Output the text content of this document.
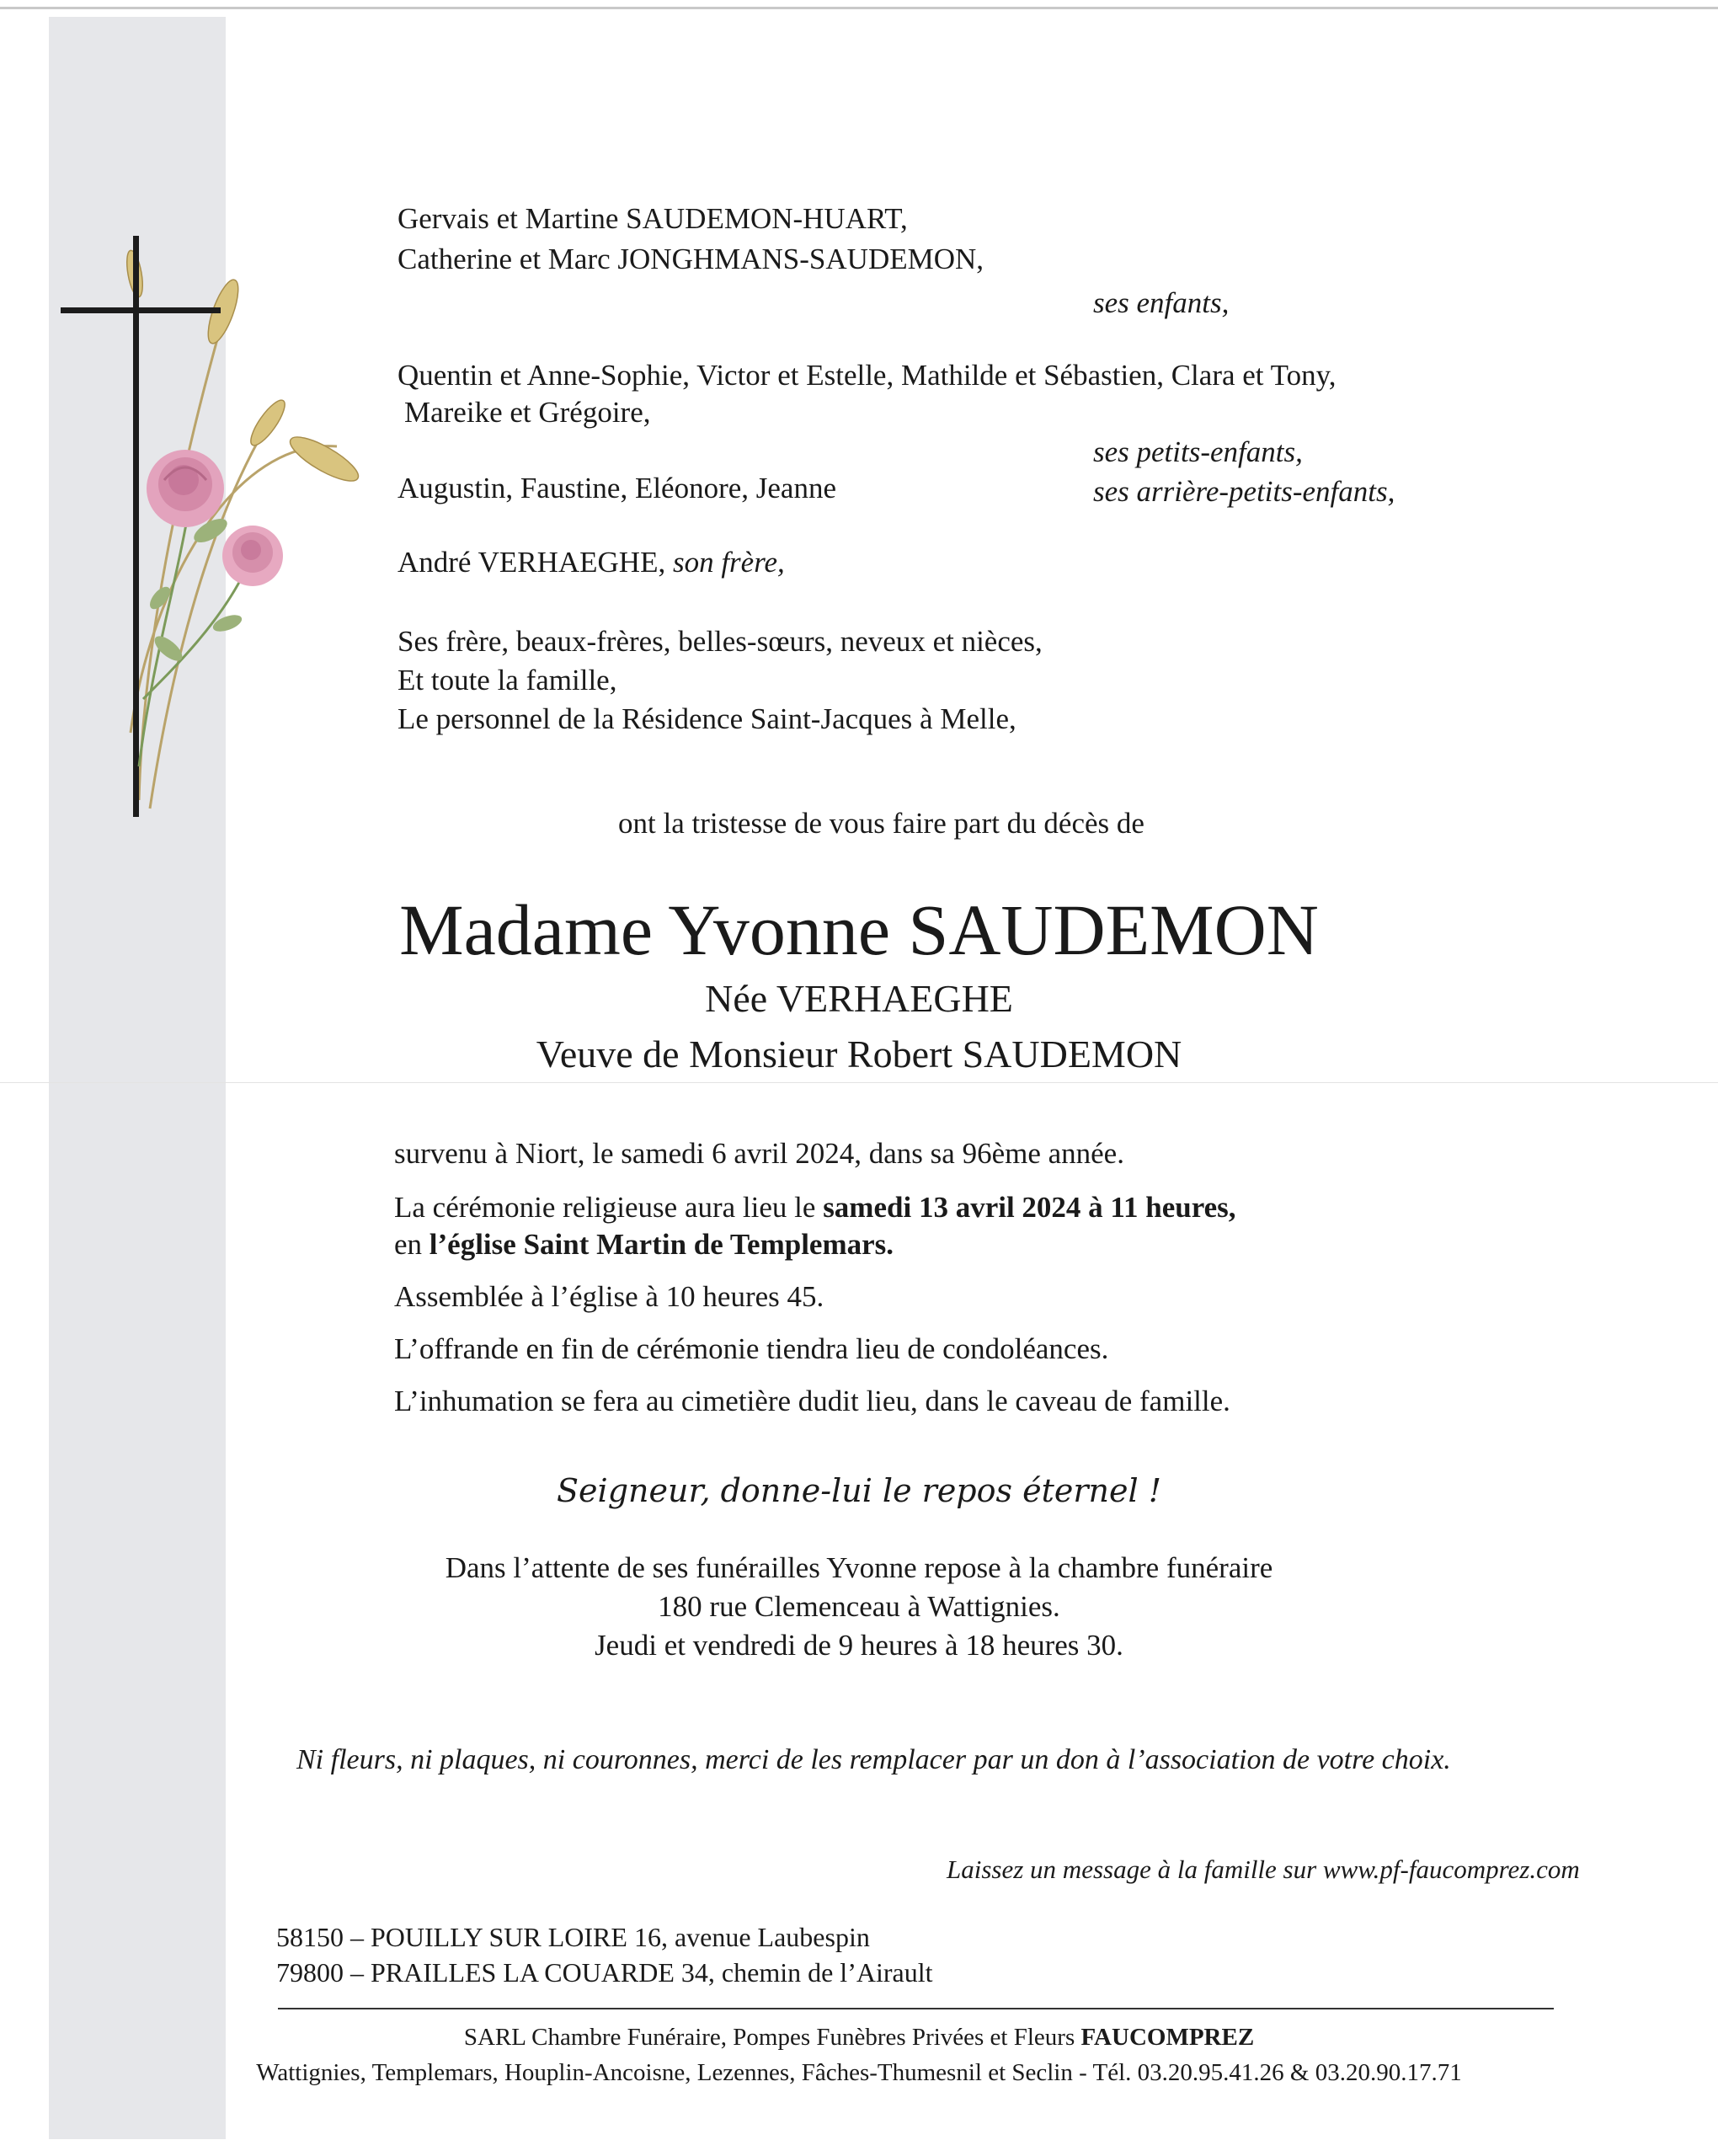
Gervais et Martine SAUDEMON-HUART,
Catherine et Marc JONGHMANS-SAUDEMON,
ses enfants,
Quentin et Anne-Sophie, Victor et Estelle, Mathilde et Sébastien, Clara et Tony,
Mareike et Grégoire,
ses petits-enfants,
Augustin, Faustine, Eléonore, Jeanne	ses arrière-petits-enfants,
André VERHAEGHE, son frère,
Ses frère, beaux-frères, belles-sœurs, neveux et nièces,
Et toute la famille,
Le personnel de la Résidence Saint-Jacques à Melle,
ont la tristesse de vous faire part du décès de
Madame Yvonne SAUDEMON
Née VERHAEGHE
Veuve de Monsieur Robert SAUDEMON
survenu à Niort, le samedi 6 avril 2024, dans sa 96ème année.
La cérémonie religieuse aura lieu le samedi 13 avril 2024 à 11 heures,
en l’église Saint Martin de Templemars.
Assemblée à l’église à 10 heures 45.
L’offrande en fin de cérémonie tiendra lieu de condoléances.
L’inhumation se fera au cimetière dudit lieu, dans le caveau de famille.
Seigneur, donne-lui le repos éternel !
Dans l’attente de ses funérailles Yvonne repose à la chambre funéraire
180 rue Clemenceau à Wattignies.
Jeudi et vendredi de 9 heures à 18 heures 30.
Ni fleurs, ni plaques, ni couronnes, merci de les remplacer par un don à l’association de votre choix.
Laissez un message à la famille sur www.pf-faucomprez.com
58150 – POUILLY SUR LOIRE 16, avenue Laubespin
79800 – PRAILLES LA COUARDE 34, chemin de l’Airault
SARL Chambre Funéraire, Pompes Funèbres Privées et Fleurs FAUCOMPREZ
Wattignies, Templemars, Houplin-Ancoisne, Lezennes, Fâches-Thumesnil et Seclin - Tél. 03.20.95.41.26 & 03.20.90.17.71
